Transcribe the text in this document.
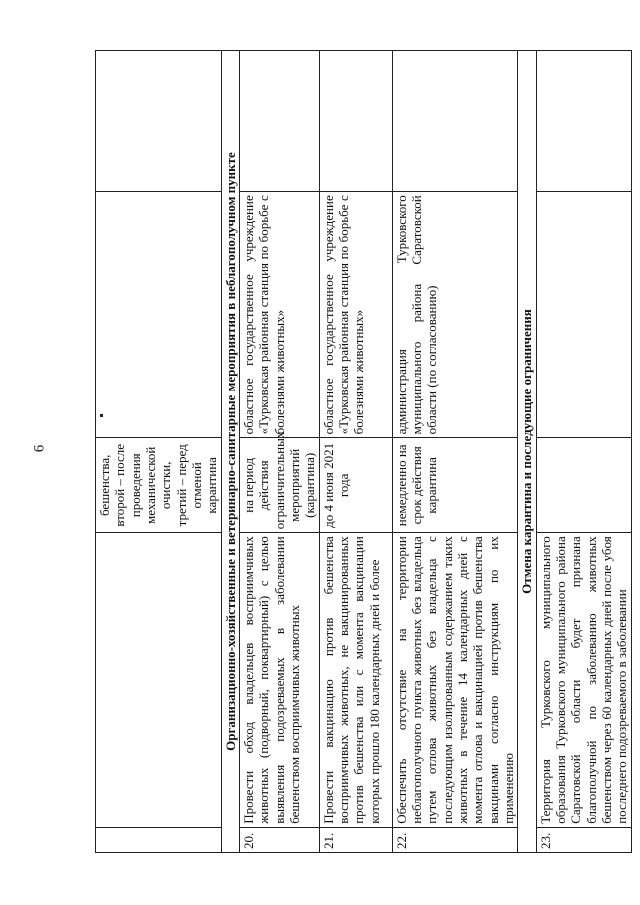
6
		бешенства, второй – после проведения механической очистки, третий – перед отменой карантина		
Организационно-хозяйственные и ветеринарно-санитарные мероприятия в неблагополучном пункте				
20.	Провести обход владельцев восприимчивых животных (подворный, поквартирный) с целью выявления подозреваемых в заболевании бешенством восприимчивых животных	на период действия ограничительных мероприятий (карантина)	областное государственное учреждение «Турковская районная станция по борьбе с болезнями животных»	
21.	Провести вакцинацию против бешенства восприимчивых животных, не вакцинированных против бешенства или с момента вакцинации которых прошло 180 календарных дней и более	до 4 июня 2021 года	областное государственное учреждение «Турковская районная станция по борьбе с болезнями животных»	
22.	Обеспечить отсутствие на территории неблагополучного пункта животных без владельца путем отлова животных без владельца с последующим изолированным содержанием таких животных в течение 14 календарных дней с момента отлова и вакцинацией против бешенства вакцинами согласно инструкциям по их применению	немедленно на срок действия карантина	администрация Турковского муниципального района Саратовской области (по согласованию)	
Отмена карантина и последующие ограничения				
23.	Территория Турковского муниципального образования Турковского муниципального района Саратовской области будет признана благополучной по заболеванию животных бешенством через 60 календарных дней после убоя последнего подозреваемого в заболевании			
